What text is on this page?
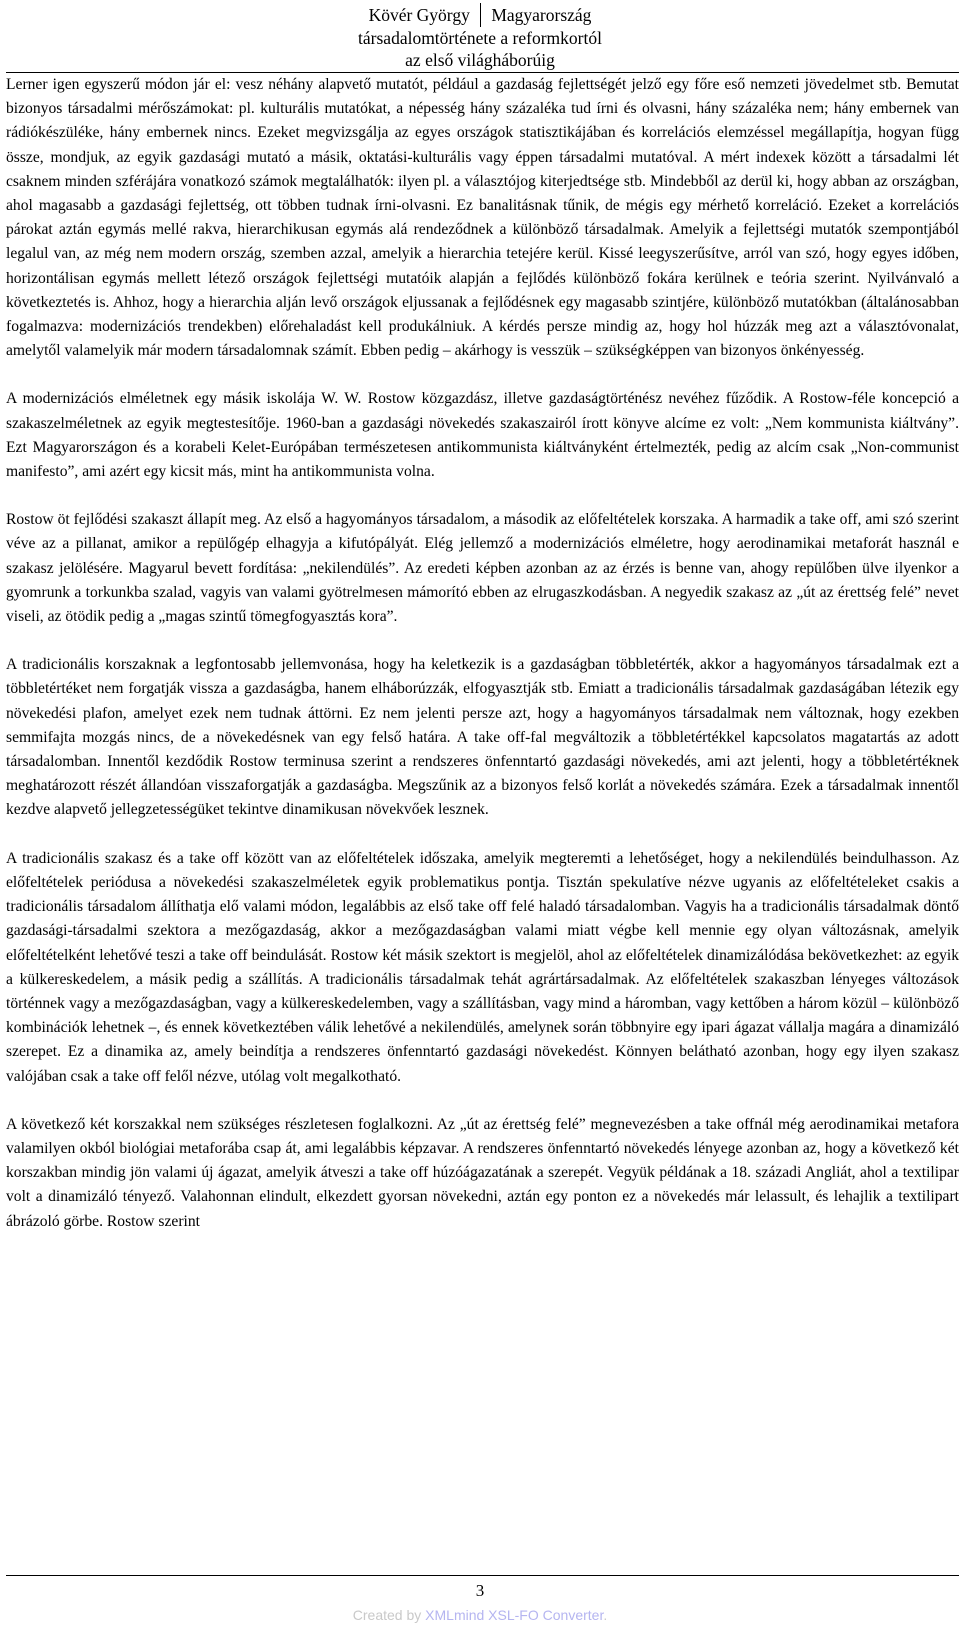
Kövér György Magyarország
társadalomtörténete a reformkortól
az első világháborúig

Lerner igen egyszerű módon jár el: vesz néhány alapvető mutatót, például a gazdaság fejlettségét jelző egy főre eső nemzeti jövedelmet stb. Bemutat bizonyos társadalmi mérőszámokat: pl. kulturális mutatókat, a népesség hány százaléka tud írni és olvasni, hány százaléka nem; hány embernek van rádiókészüléke, hány embernek nincs. Ezeket megvizsgálja az egyes országok statisztikájában és korrelációs elemzéssel megállapítja, hogyan függ össze, mondjuk, az egyik gazdasági mutató a másik, oktatási-kulturális vagy éppen társadalmi mutatóval. A mért indexek között a társadalmi lét csaknem minden szférájára vonatkozó számok megtalálhatók: ilyen pl. a választójog kiterjedtsége stb. Mindebből az derül ki, hogy abban az országban, ahol magasabb a gazdasági fejlettség, ott többen tudnak írni-olvasni. Ez banalitásnak tűnik, de mégis egy mérhető korreláció. Ezeket a korrelációs párokat aztán egymás mellé rakva, hierarchikusan egymás alá rendeződnek a különböző társadalmak. Amelyik a fejlettségi mutatók szempontjából legalul van, az még nem modern ország, szemben azzal, amelyik a hierarchia tetejére kerül. Kissé leegyszerűsítve, arról van szó, hogy egyes időben, horizontálisan egymás mellett létező országok fejlettségi mutatóik alapján a fejlődés különböző fokára kerülnek e teória szerint. Nyilvánvaló a következtetés is. Ahhoz, hogy a hierarchia alján levő országok eljussanak a fejlődésnek egy magasabb szintjére, különböző mutatókban (általánosabban fogalmazva: modernizációs trendekben) előrehaladást kell produkálniuk. A kérdés persze mindig az, hogy hol húzzák meg azt a választóvonalat, amelytől valamelyik már modern társadalomnak számít. Ebben pedig – akárhogy is vesszük – szükségképpen van bizonyos önkényesség.

A modernizációs elméletnek egy másik iskolája W. W. Rostow közgazdász, illetve gazdaságtörténész nevéhez fűződik. A Rostow-féle koncepció a szakaszelméletnek az egyik megtestesítője. 1960-ban a gazdasági növekedés szakaszairól írott könyve alcíme ez volt: „Nem kommunista kiáltvány”. Ezt Magyarországon és a korabeli Kelet-Európában természetesen antikommunista kiáltványként értelmezték, pedig az alcím csak „Non-communist manifesto”, ami azért egy kicsit más, mint ha antikommunista volna.

Rostow öt fejlődési szakaszt állapít meg. Az első a hagyományos társadalom, a második az előfeltételek korszaka. A harmadik a take off, ami szó szerint véve az a pillanat, amikor a repülőgép elhagyja a kifutópályát. Elég jellemző a modernizációs elméletre, hogy aerodinamikai metaforát használ e szakasz jelölésére. Magyarul bevett fordítása: „nekilendülés”. Az eredeti képben azonban az az érzés is benne van, ahogy repülőben ülve ilyenkor a gyomrunk a torkunkba szalad, vagyis van valami gyötrelmesen mámorító ebben az elrugaszkodásban. A negyedik szakasz az „út az érettség felé” nevet viseli, az ötödik pedig a „magas szintű tömegfogyasztás kora”.

A tradicionális korszaknak a legfontosabb jellemvonása, hogy ha keletkezik is a gazdaságban többletérték, akkor a hagyományos társadalmak ezt a többletértéket nem forgatják vissza a gazdaságba, hanem elháborúzzák, elfogyasztják stb. Emiatt a tradicionális társadalmak gazdaságában létezik egy növekedési plafon, amelyet ezek nem tudnak áttörni. Ez nem jelenti persze azt, hogy a hagyományos társadalmak nem változnak, hogy ezekben semmifajta mozgás nincs, de a növekedésnek van egy felső határa. A take off-fal megváltozik a többletértékkel kapcsolatos magatartás az adott társadalomban. Innentől kezdődik Rostow terminusa szerint a rendszeres önfenntartó gazdasági növekedés, ami azt jelenti, hogy a többletértéknek meghatározott részét állandóan visszaforgatják a gazdaságba. Megszűnik az a bizonyos felső korlát a növekedés számára. Ezek a társadalmak innentől kezdve alapvető jellegzetességüket tekintve dinamikusan növekvőek lesznek.

A tradicionális szakasz és a take off között van az előfeltételek időszaka, amelyik megteremti a lehetőséget, hogy a nekilendülés beindulhasson. Az előfeltételek periódusa a növekedési szakaszelméletek egyik problematikus pontja. Tisztán spekulatíve nézve ugyanis az előfeltételeket csakis a tradicionális társadalom állíthatja elő valami módon, legalábbis az első take off felé haladó társadalomban. Vagyis ha a tradicionális társadalmak döntő gazdasági-társadalmi szektora a mezőgazdaság, akkor a mezőgazdaságban valami miatt végbe kell mennie egy olyan változásnak, amelyik előfeltételként lehetővé teszi a take off beindulását. Rostow két másik szektort is megjelöl, ahol az előfeltételek dinamizálódása bekövetkezhet: az egyik a külkereskedelem, a másik pedig a szállítás. A tradicionális társadalmak tehát agrártársadalmak. Az előfeltételek szakaszban lényeges változások történnek vagy a mezőgazdaságban, vagy a külkereskedelemben, vagy a szállításban, vagy mind a háromban, vagy kettőben a három közül – különböző kombinációk lehetnek –, és ennek következtében válik lehetővé a nekilendülés, amelynek során többnyire egy ipari ágazat vállalja magára a dinamizáló szerepet. Ez a dinamika az, amely beindítja a rendszeres önfenntartó gazdasági növekedést. Könnyen belátható azonban, hogy egy ilyen szakasz valójában csak a take off felől nézve, utólag volt megalkotható.

A következő két korszakkal nem szükséges részletesen foglalkozni. Az „út az érettség felé” megnevezésben a take offnál még aerodinamikai metafora valamilyen okból biológiai metaforába csap át, ami legalábbis képzavar. A rendszeres önfenntartó növekedés lényege azonban az, hogy a következő két korszakban mindig jön valami új ágazat, amelyik átveszi a take off húzóágazatának a szerepét. Vegyük példának a 18. századi Angliát, ahol a textilipar volt a dinamizáló tényező. Valahonnan elindult, elkezdett gyorsan növekedni, aztán egy ponton ez a növekedés már lelassult, és lehajlik a textilipart ábrázoló görbe. Rostow szerint

3
Created by XMLmind XSL-FO Converter.
